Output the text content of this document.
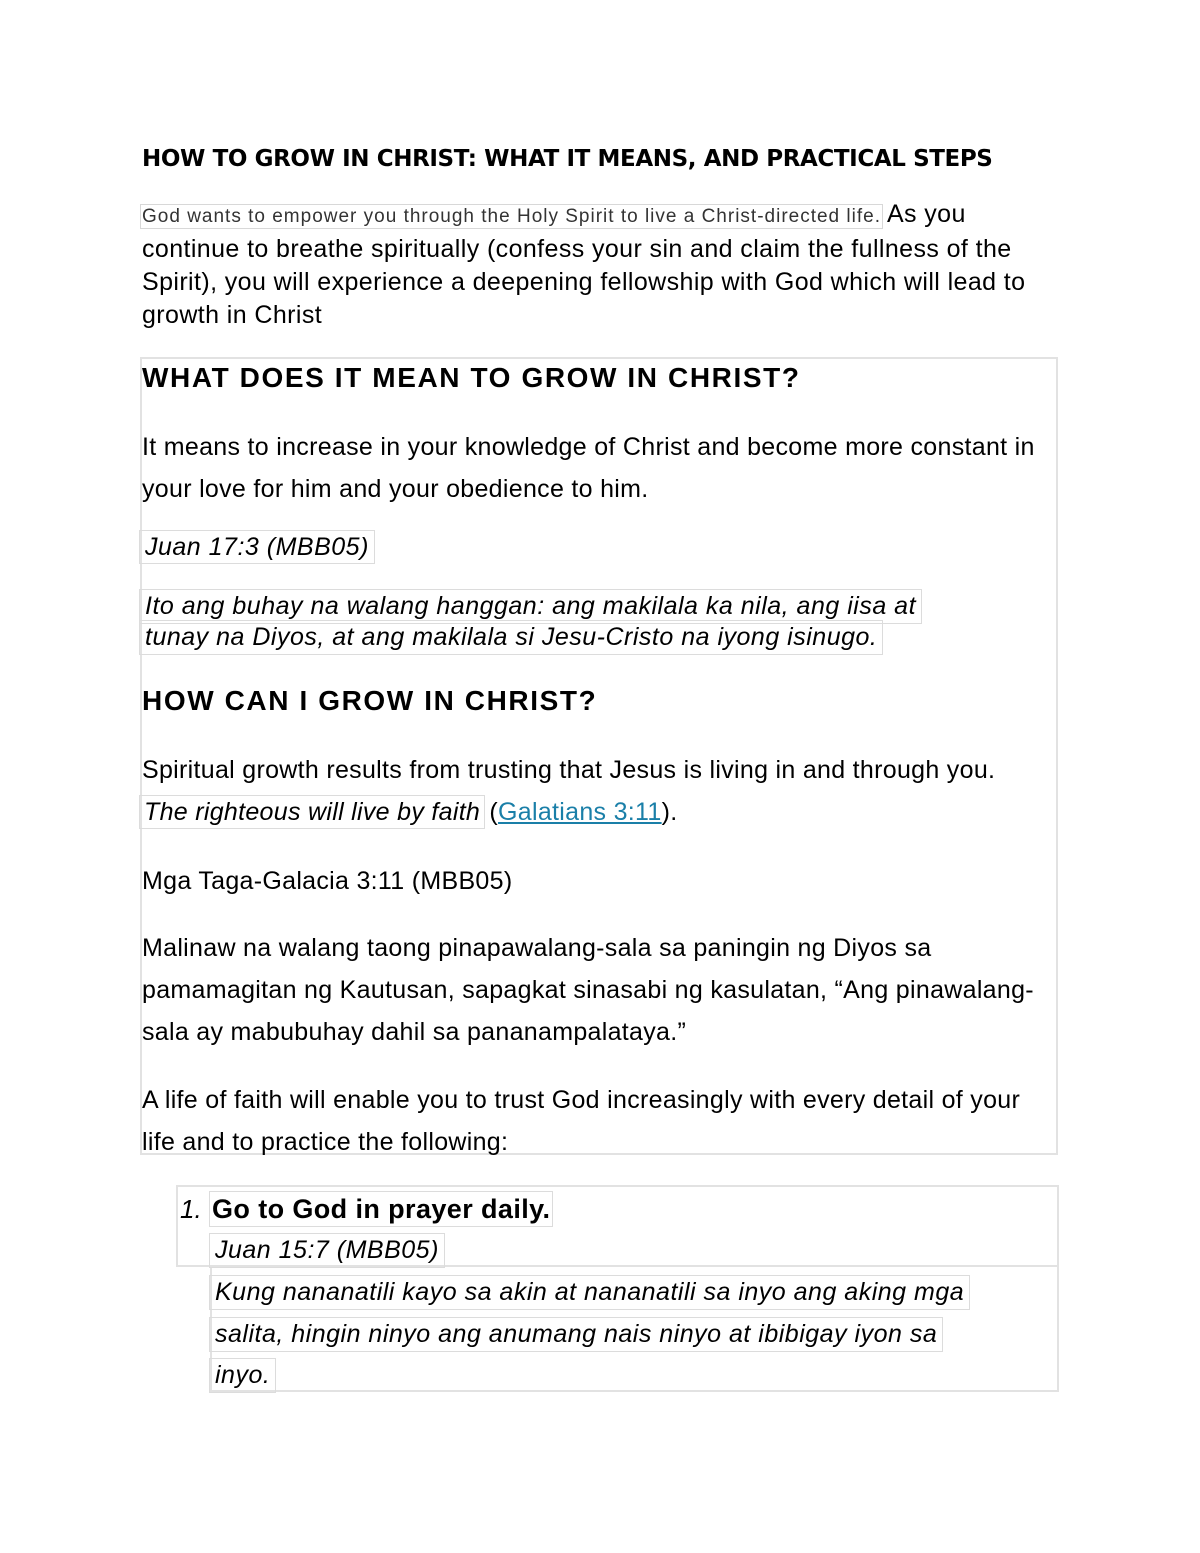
HOW TO GROW IN CHRIST: WHAT IT MEANS, AND PRACTICAL STEPS

God wants to empower you through the Holy Spirit to live a Christ-directed life. As you continue to breathe spiritually (confess your sin and claim the fullness of the Spirit), you will experience a deepening fellowship with God which will lead to growth in Christ

WHAT DOES IT MEAN TO GROW IN CHRIST?

It means to increase in your knowledge of Christ and become more constant in your love for him and your obedience to him.

Juan 17:3 (MBB05)

Ito ang buhay na walang hanggan: ang makilala ka nila, ang iisa at

tunay na Diyos, at ang makilala si Jesu-Cristo na iyong isinugo.

HOW CAN I GROW IN CHRIST?

Spiritual growth results from trusting that Jesus is living in and through you.  The righteous will live by faith (Galatians 3:11).

Mga Taga-Galacia 3:11 (MBB05)

Malinaw na walang taong pinapawalang-sala sa paningin ng Diyos sa pamamagitan ng Kautusan, sapagkat sinasabi ng kasulatan, “Ang pinawalang-sala ay mabubuhay dahil sa pananampalataya.”

A life of faith will enable you to trust God increasingly with every detail of your life and to practice the following:

1. Go to God in prayer daily.

Juan 15:7 (MBB05)

Kung nananatili kayo sa akin at nananatili sa inyo ang aking mga

salita, hingin ninyo ang anumang nais ninyo at ibibigay iyon sa

inyo.
